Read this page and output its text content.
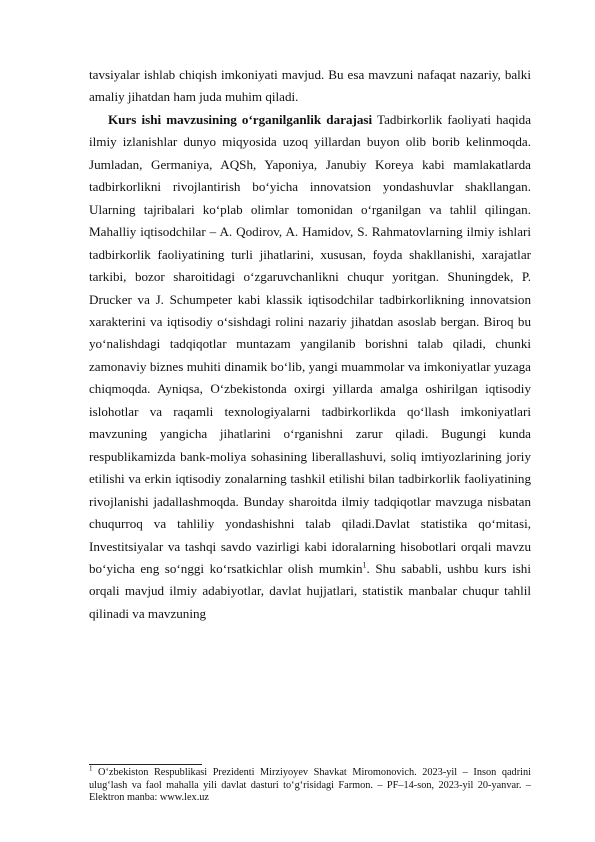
tavsiyalar ishlab chiqish imkoniyati mavjud. Bu esa mavzuni nafaqat nazariy, balki amaliy jihatdan ham juda muhim qiladi.

Kurs ishi mavzusining o‘rganilganlik darajasi Tadbirkorlik faoliyati haqida ilmiy izlanishlar dunyo miqyosida uzoq yillardan buyon olib borib kelinmoqda. Jumladan, Germaniya, AQSh, Yaponiya, Janubiy Koreya kabi mamlakatlarda tadbirkorlikni rivojlantirish bo‘yicha innovatsion yondashuvlar shakllangan. Ularning tajribalari ko‘plab olimlar tomonidan o‘rganilgan va tahlil qilingan. Mahalliy iqtisodchilar – A. Qodirov, A. Hamidov, S. Rahmatovlarning ilmiy ishlari tadbirkorlik faoliyatining turli jihatlarini, xususan, foyda shakllanishi, xarajatlar tarkibi, bozor sharoitidagi o‘zgaruvchanlikni chuqur yoritgan. Shuningdek, P. Drucker va J. Schumpeter kabi klassik iqtisodchilar tadbirkorlikning innovatsion xarakterini va iqtisodiy o‘sishdagi rolini nazariy jihatdan asoslab bergan. Biroq bu yo‘nalishdagi tadqiqotlar muntazam yangilanib borishni talab qiladi, chunki zamonaviy biznes muhiti dinamik bo‘lib, yangi muammolar va imkoniyatlar yuzaga chiqmoqda. Ayniqsa, O‘zbekistonda oxirgi yillarda amalga oshirilgan iqtisodiy islohotlar va raqamli texnologiyalarni tadbirkorlikda qo‘llash imkoniyatlari mavzuning yangicha jihatlarini o‘rganishni zarur qiladi. Bugungi kunda respublikamizda bank-moliya sohasining liberallashuvi, soliq imtiyozlarining joriy etilishi va erkin iqtisodiy zonalarning tashkil etilishi bilan tadbirkorlik faoliyatining rivojlanishi jadallashmoqda. Bunday sharoitda ilmiy tadqiqotlar mavzuga nisbatan chuqurroq va tahliliy yondashishni talab qiladi.Davlat statistika qo‘mitasi, Investitsiyalar va tashqi savdo vazirligi kabi idoralarning hisobotlari orqali mavzu bo‘yicha eng so‘nggi ko‘rsatkichlar olish mumkin$^1$. Shu sababli, ushbu kurs ishi orqali mavjud ilmiy adabiyotlar, davlat hujjatlari, statistik manbalar chuqur tahlil qilinadi va mavzuning

$^1$ O‘zbekiston Respublikasi Prezidenti Mirziyoyev Shavkat Miromonovich. 2023-yil – Inson qadrini ulug‘lash va faol mahalla yili davlat dasturi to‘g‘risidagi Farmon. – PF–14-son, 2023-yil 20-yanvar. – Elektron manba: www.lex.uz
